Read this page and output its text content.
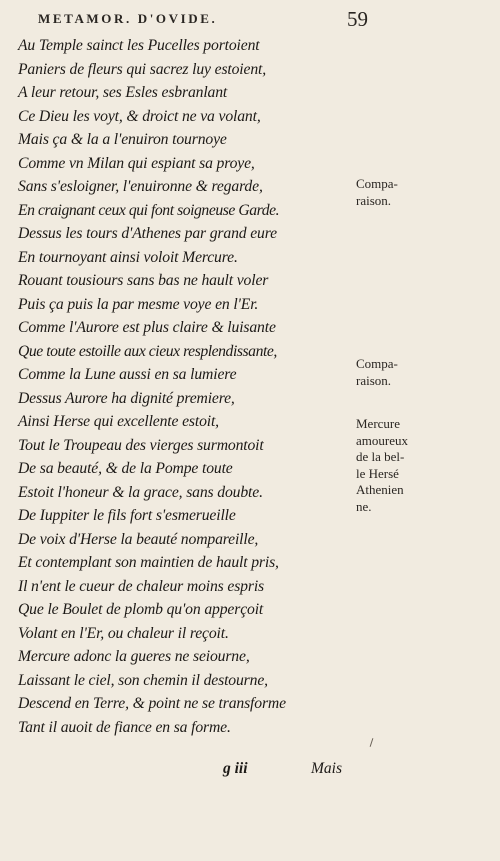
METAMOR. D'OVIDE.	59
Au Temple sainct les Pucelles portoient
Paniers de fleurs qui sacrez luy estoient,
A leur retour, ses Esles esbranlant
Ce Dieu les voyt, & droict ne va volant,
Mais ça & la a l'enuiron tournoye
Comme vn Milan qui espiant sa proye,
Sans s'esloigner, l'enuironne & regarde,
En craignant ceux qui font soigneuse Garde.
Dessus les tours d'Athenes par grand eure
En tournoyant ainsi voloit Mercure.
Rouant tousiours sans bas ne hault voler
Puis ça puis la par mesme voye en l'Er.
Comme l'Aurore est plus claire & luisante
Que toute estoille aux cieux resplendissante,
Comme la Lune aussi en sa lumiere
Dessus Aurore ha dignité premiere,
Ainsi Herse qui excellente estoit,
Tout le Troupeau des vierges surmontoit
De sa beauté, & de la Pompe toute
Estoit l'honeur & la grace, sans doubte.
De Iuppiter le fils fort s'esmerueille
De voix d'Herse la beauté nompareille,
Et contemplant son maintien de hault pris,
Il n'ent le cueur de chaleur moins espris
Que le Boulet de plomb qu'on apperçoit
Volant en l'Er, ou chaleur il reçoit.
Mercure adonc la gueres ne seiourne,
Laissant le ciel, son chemin il destourne,
Descend en Terre, & point ne se transforme
Tant il auoit de fiance en sa forme.
Compa-
raison.
Compa-
raison.
Mercure
amoureux
de la bel-
le Hersé
Athenien
ne.
g iii	Mais
